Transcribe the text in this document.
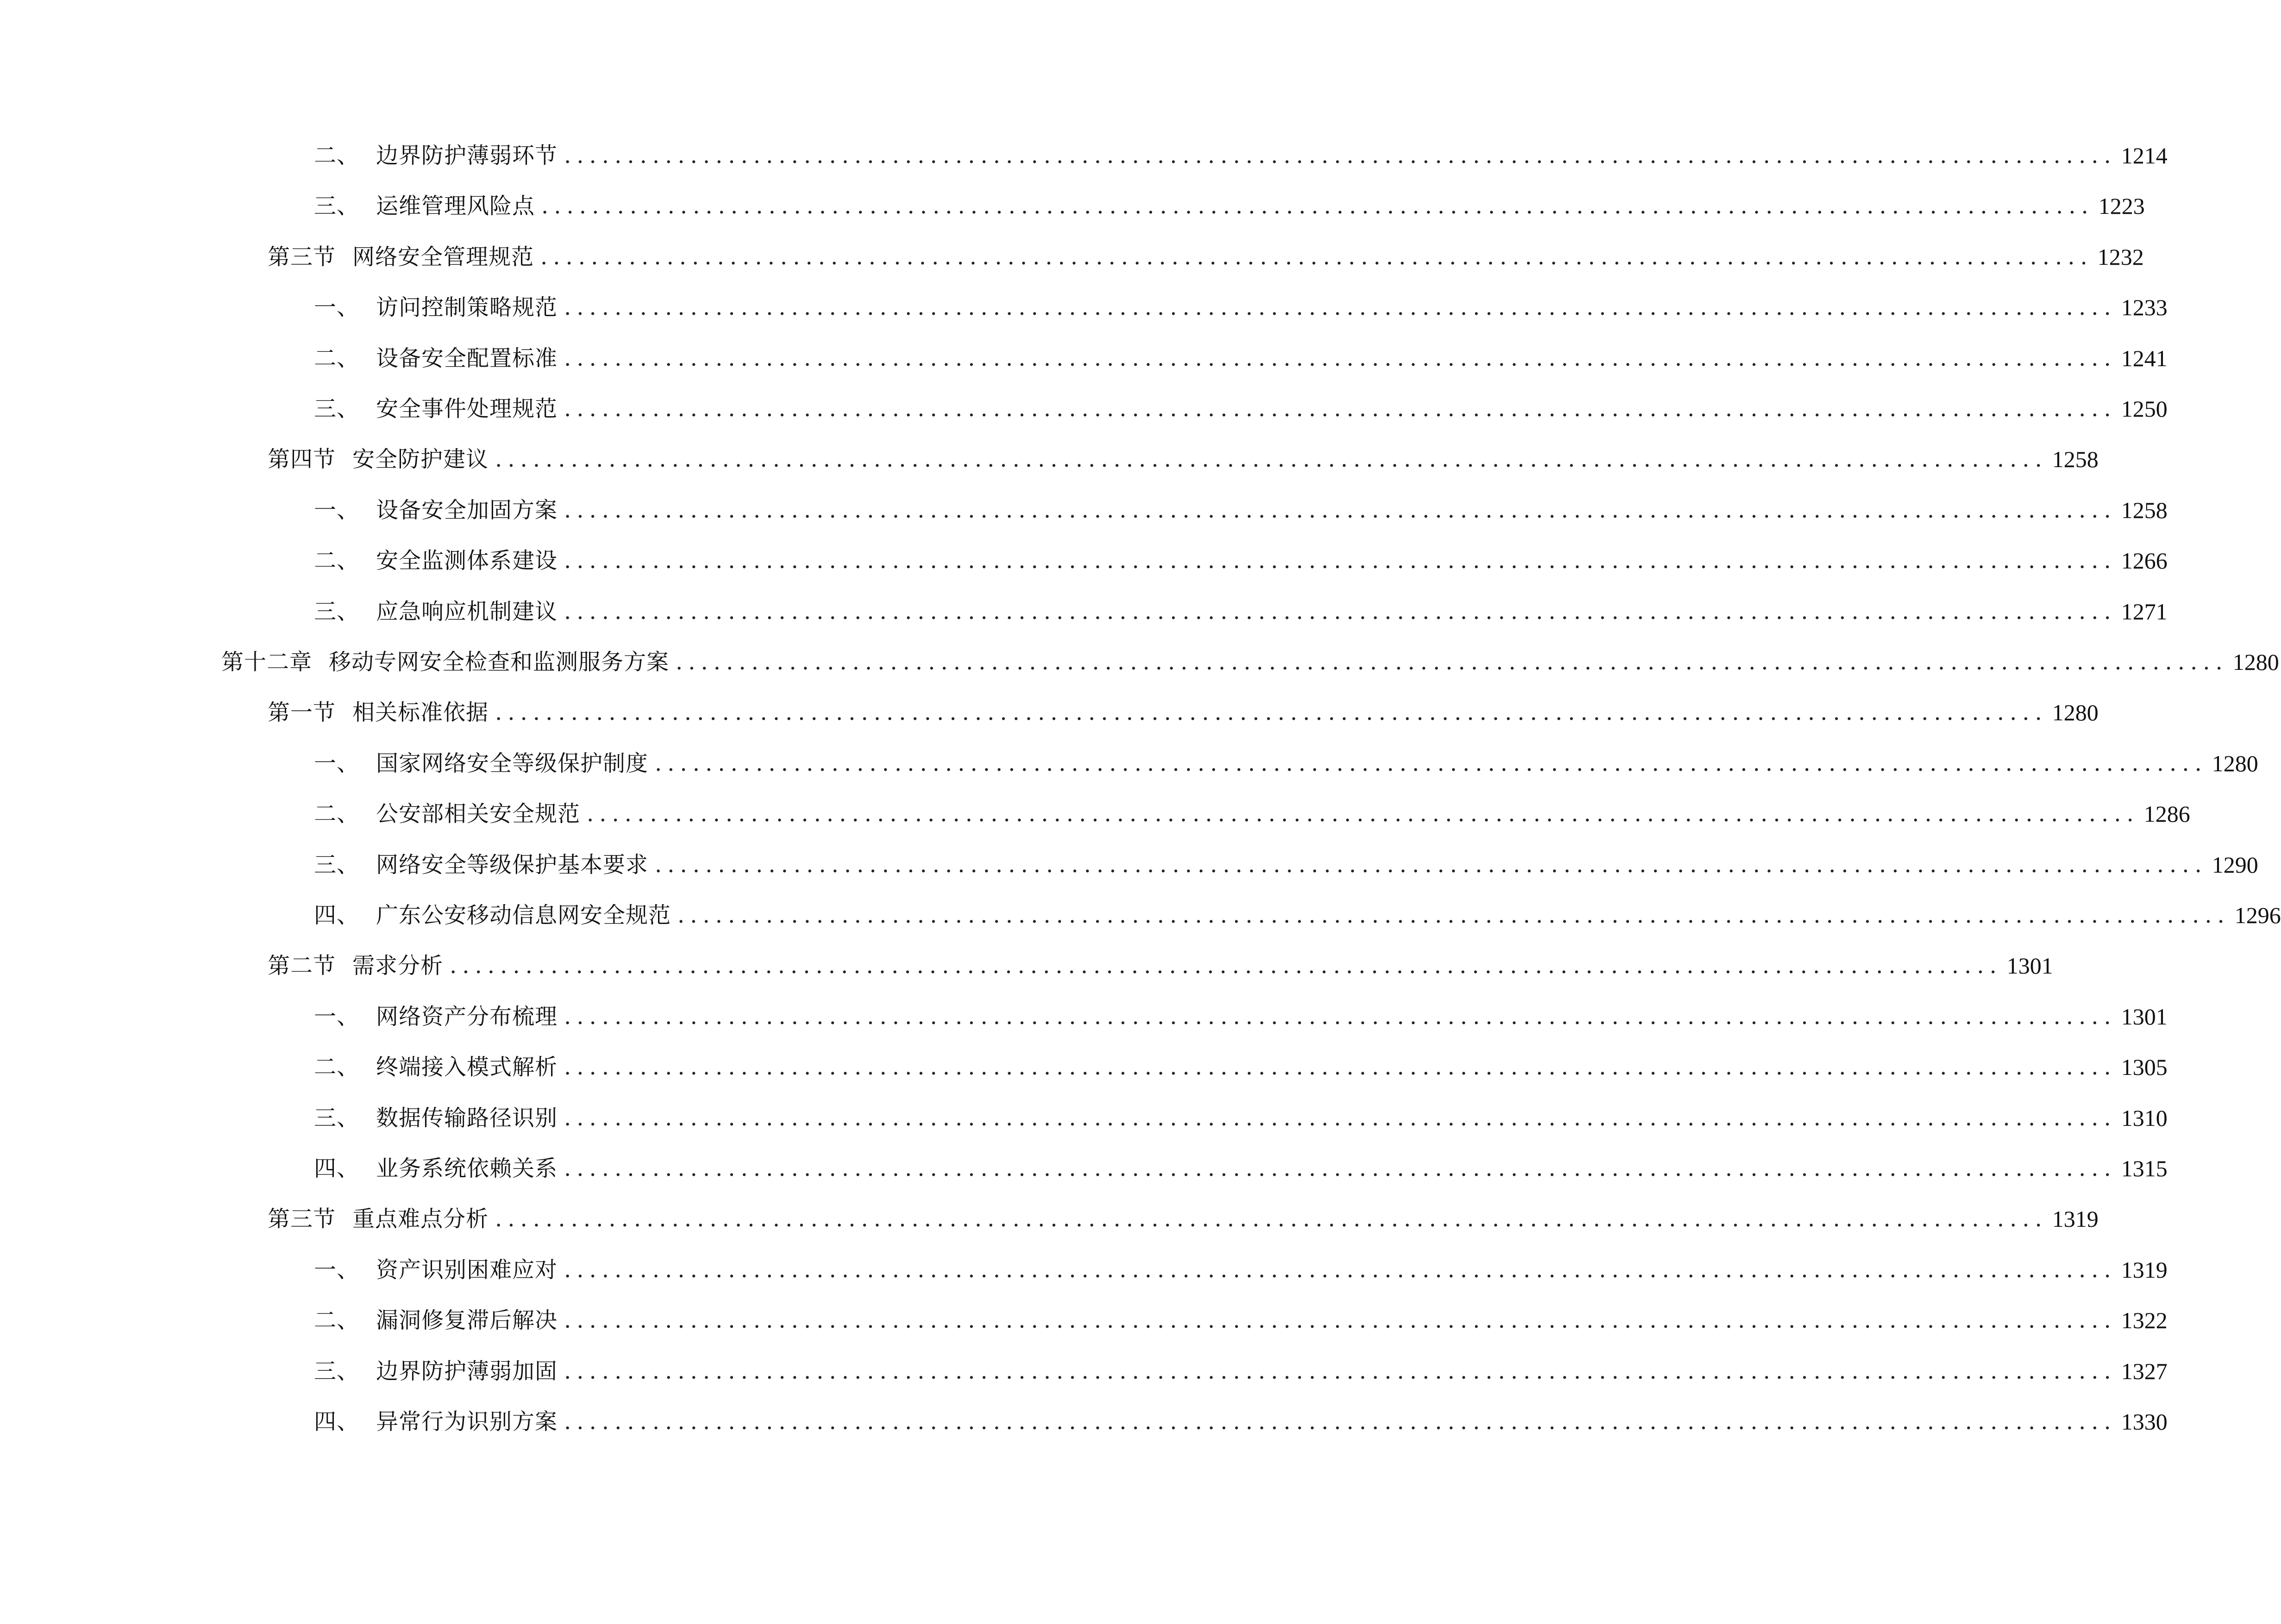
二、 边界防护薄弱环节 ........................................................................................................................... 1214
三、 运维管理风险点 ........................................................................................................................... 1223
第三节 网络安全管理规范 ........................................................................................................................... 1232
一、 访问控制策略规范 ........................................................................................................................... 1233
二、 设备安全配置标准 ........................................................................................................................... 1241
三、 安全事件处理规范 ........................................................................................................................... 1250
第四节 安全防护建议 ........................................................................................................................... 1258
一、 设备安全加固方案 ........................................................................................................................... 1258
二、 安全监测体系建设 ........................................................................................................................... 1266
三、 应急响应机制建议 ........................................................................................................................... 1271
第十二章 移动专网安全检查和监测服务方案 ........................................................................................................................... 1280
第一节 相关标准依据 ........................................................................................................................... 1280
一、 国家网络安全等级保护制度 ........................................................................................................................... 1280
二、 公安部相关安全规范 ........................................................................................................................... 1286
三、 网络安全等级保护基本要求 ........................................................................................................................... 1290
四、 广东公安移动信息网安全规范 ........................................................................................................................... 1296
第二节 需求分析 ........................................................................................................................... 1301
一、 网络资产分布梳理 ........................................................................................................................... 1301
二、 终端接入模式解析 ........................................................................................................................... 1305
三、 数据传输路径识别 ........................................................................................................................... 1310
四、 业务系统依赖关系 ........................................................................................................................... 1315
第三节 重点难点分析 ........................................................................................................................... 1319
一、 资产识别困难应对 ........................................................................................................................... 1319
二、 漏洞修复滞后解决 ........................................................................................................................... 1322
三、 边界防护薄弱加固 ........................................................................................................................... 1327
四、 异常行为识别方案 ........................................................................................................................... 1330
